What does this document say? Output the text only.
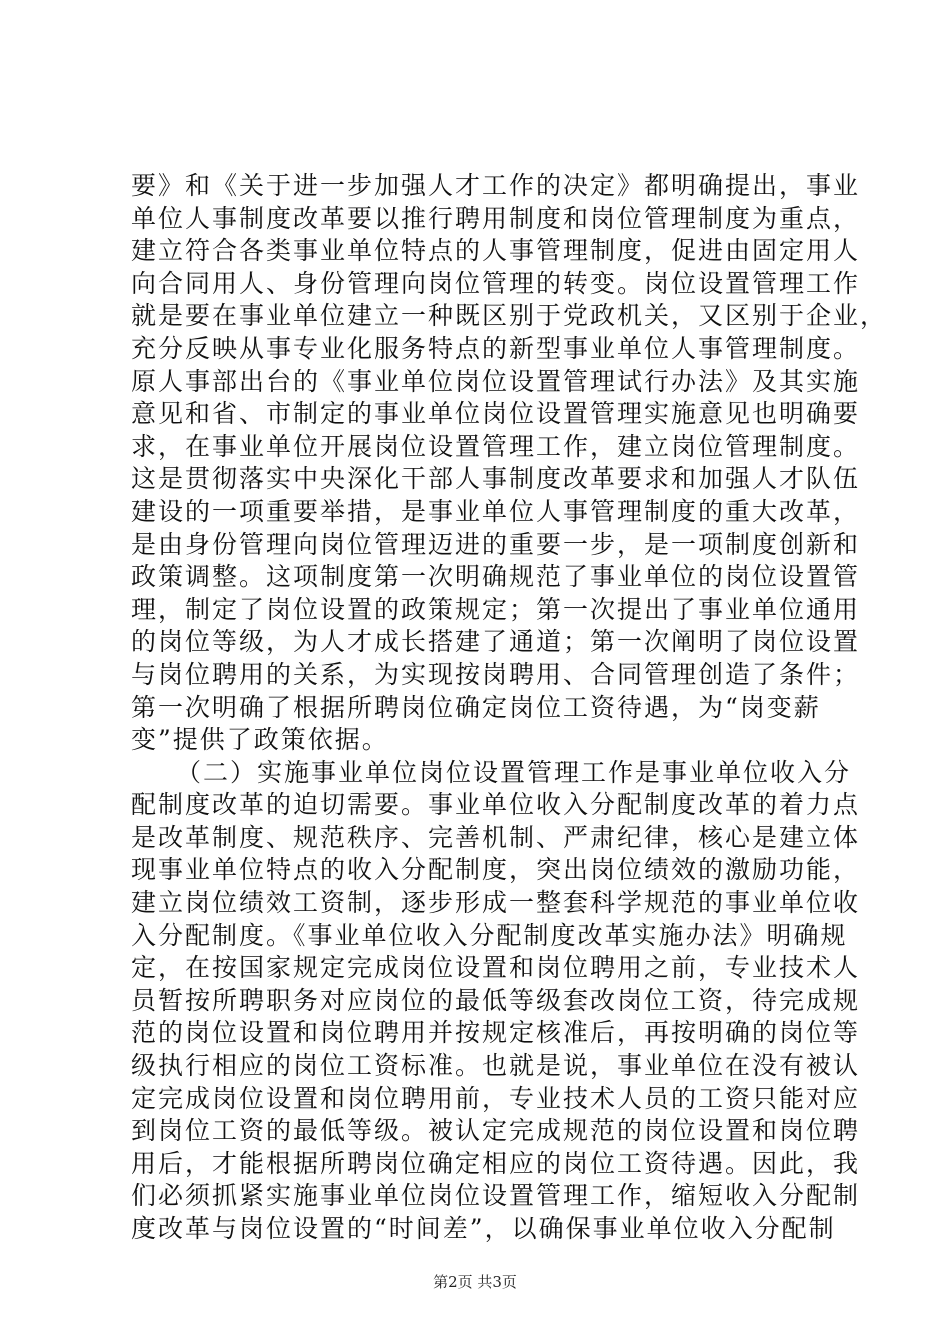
要》和《关于进一步加强人才工作的决定》都明确提出，事业
单位人事制度改革要以推行聘用制度和岗位管理制度为重点，
建立符合各类事业单位特点的人事管理制度，促进由固定用人
向合同用人、身份管理向岗位管理的转变。岗位设置管理工作
就是要在事业单位建立一种既区别于党政机关，又区别于企业，
充分反映从事专业化服务特点的新型事业单位人事管理制度。
原人事部出台的《事业单位岗位设置管理试行办法》及其实施
意见和省、市制定的事业单位岗位设置管理实施意见也明确要
求，在事业单位开展岗位设置管理工作，建立岗位管理制度。
这是贯彻落实中央深化干部人事制度改革要求和加强人才队伍
建设的一项重要举措，是事业单位人事管理制度的重大改革，
是由身份管理向岗位管理迈进的重要一步，是一项制度创新和
政策调整。这项制度第一次明确规范了事业单位的岗位设置管
理，制定了岗位设置的政策规定；第一次提出了事业单位通用
的岗位等级，为人才成长搭建了通道；第一次阐明了岗位设置
与岗位聘用的关系，为实现按岗聘用、合同管理创造了条件；
第一次明确了根据所聘岗位确定岗位工资待遇，为“岗变薪
变”提供了政策依据。
（二）实施事业单位岗位设置管理工作是事业单位收入分
配制度改革的迫切需要。事业单位收入分配制度改革的着力点
是改革制度、规范秩序、完善机制、严肃纪律，核心是建立体
现事业单位特点的收入分配制度，突出岗位绩效的激励功能，
建立岗位绩效工资制，逐步形成一整套科学规范的事业单位收
入分配制度。《事业单位收入分配制度改革实施办法》明确规
定，在按国家规定完成岗位设置和岗位聘用之前，专业技术人
员暂按所聘职务对应岗位的最低等级套改岗位工资，待完成规
范的岗位设置和岗位聘用并按规定核准后，再按明确的岗位等
级执行相应的岗位工资标准。也就是说，事业单位在没有被认
定完成岗位设置和岗位聘用前，专业技术人员的工资只能对应
到岗位工资的最低等级。被认定完成规范的岗位设置和岗位聘
用后，才能根据所聘岗位确定相应的岗位工资待遇。因此，我
们必须抓紧实施事业单位岗位设置管理工作，缩短收入分配制
度改革与岗位设置的“时间差”，以确保事业单位收入分配制
第2页 共3页
